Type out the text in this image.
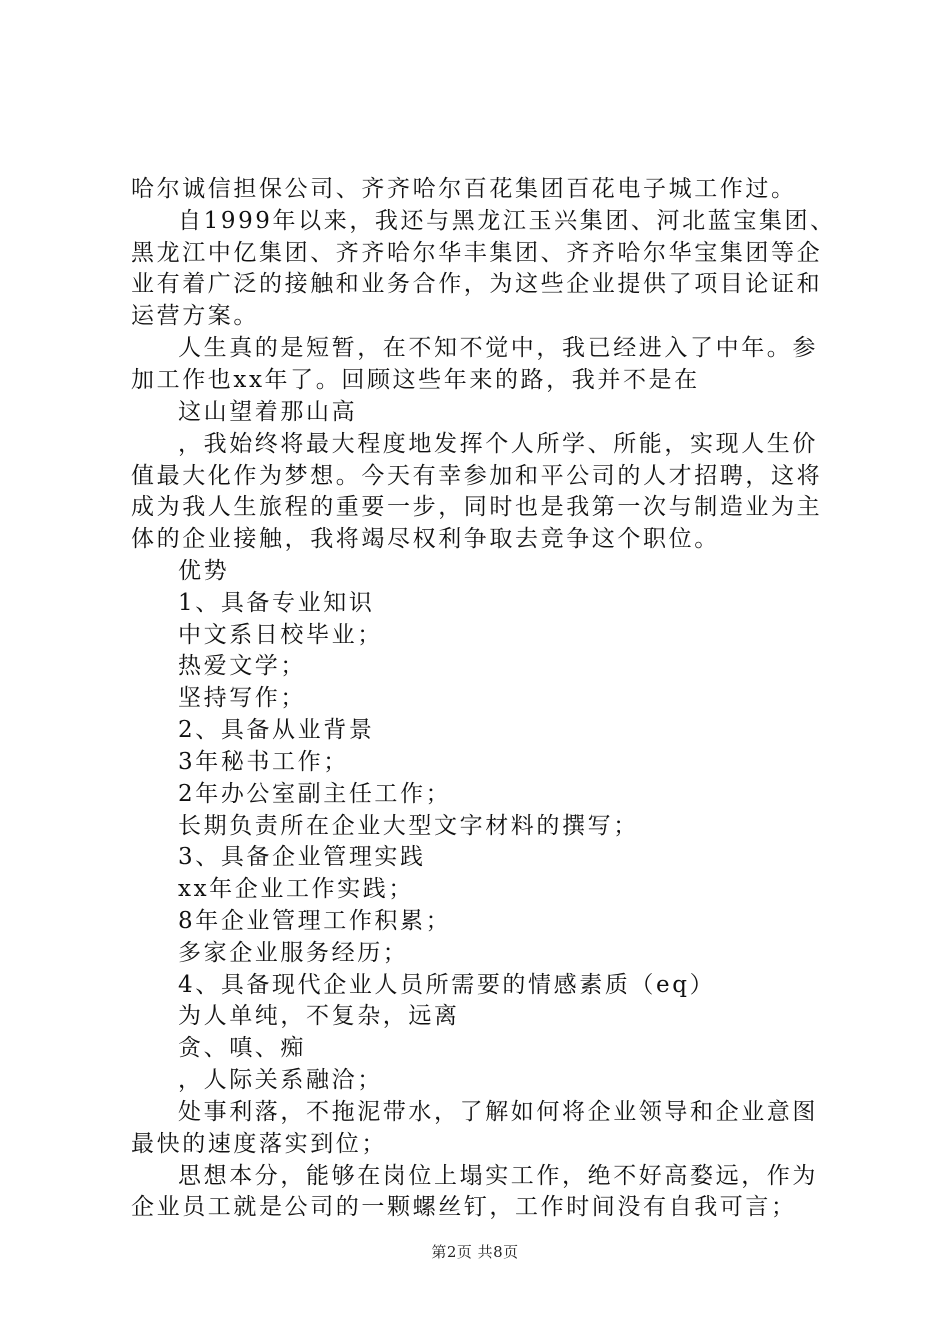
哈尔诚信担保公司、齐齐哈尔百花集团百花电子城工作过。
自1999年以来，我还与黑龙江玉兴集团、河北蓝宝集团、
黑龙江中亿集团、齐齐哈尔华丰集团、齐齐哈尔华宝集团等企
业有着广泛的接触和业务合作，为这些企业提供了项目论证和
运营方案。
人生真的是短暂，在不知不觉中，我已经进入了中年。参
加工作也xx年了。回顾这些年来的路，我并不是在
这山望着那山高
，我始终将最大程度地发挥个人所学、所能，实现人生价
值最大化作为梦想。今天有幸参加和平公司的人才招聘，这将
成为我人生旅程的重要一步，同时也是我第一次与制造业为主
体的企业接触，我将竭尽权利争取去竞争这个职位。
优势
1、具备专业知识
中文系日校毕业；
热爱文学；
坚持写作；
2、具备从业背景
3年秘书工作；
2年办公室副主任工作；
长期负责所在企业大型文字材料的撰写；
3、具备企业管理实践
xx年企业工作实践；
8年企业管理工作积累；
多家企业服务经历；
4、具备现代企业人员所需要的情感素质（eq）
为人单纯，不复杂，远离
贪、嗔、痴
，人际关系融洽；
处事利落，不拖泥带水，了解如何将企业领导和企业意图
最快的速度落实到位；
思想本分，能够在岗位上塌实工作，绝不好高婺远，作为
企业员工就是公司的一颗螺丝钉，工作时间没有自我可言；
第2页 共8页
